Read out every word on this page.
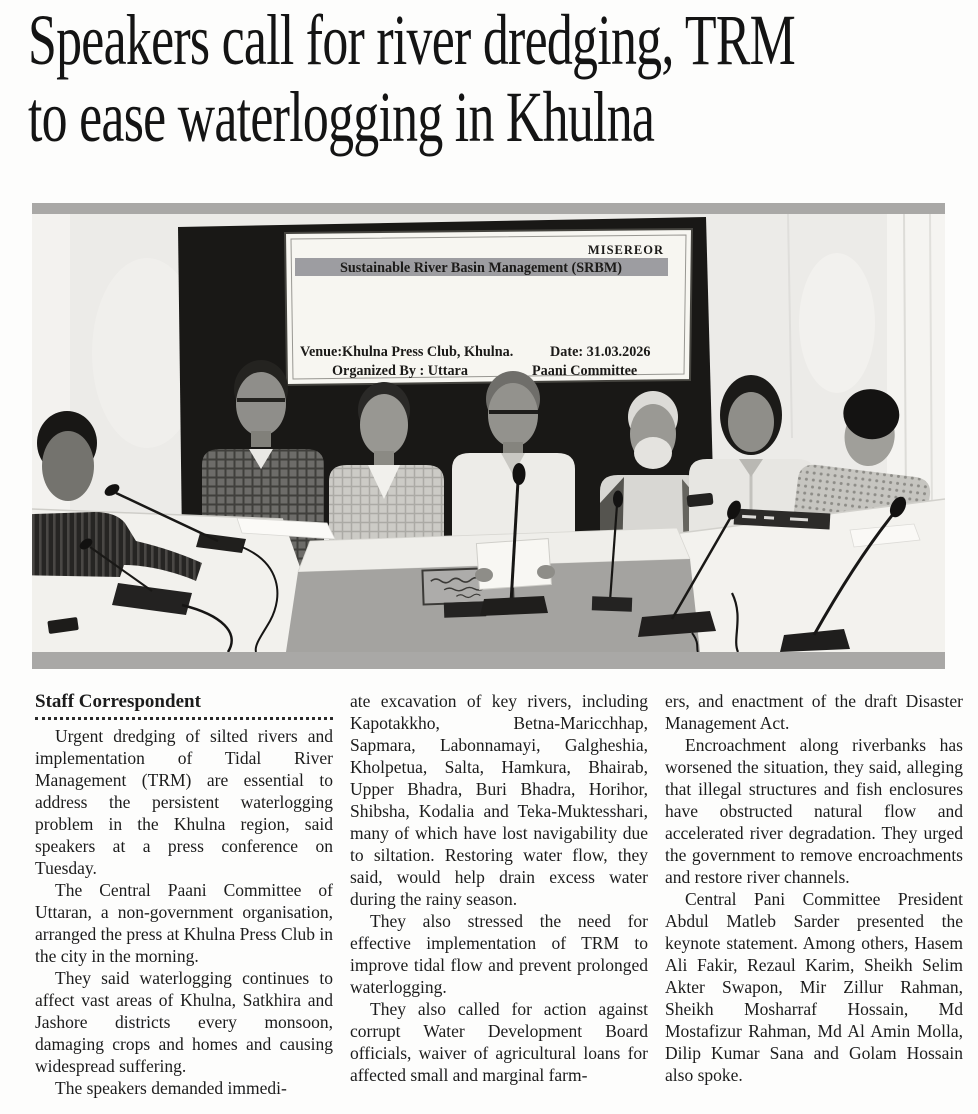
Speakers call for river dredging, TRM
to ease waterlogging in Khulna
MISEREOR
Sustainable River Basin Management (SRBM)
Venue:Khulna Press Club, Khulna.	Date: 31.03.2026
Organized By : Uttara	Paani Committee
Staff Correspondent

Urgent dredging of silted rivers and implementation of Tidal River Management (TRM) are essential to address the persistent waterlogging problem in the Khulna region, said speakers at a press conference on Tuesday.

The Central Paani Committee of Uttaran, a non-government organisation, arranged the press at Khulna Press Club in the city in the morning.

They said waterlogging continues to affect vast areas of Khulna, Satkhira and Jashore districts every monsoon, damaging crops and homes and causing widespread suffering.

The speakers demanded immedi-

ate excavation of key rivers, including Kapotakkho, Betna-Maricchhap, Sapmara, Labonnamayi, Galgheshia, Kholpetua, Salta, Hamkura, Bhairab, Upper Bhadra, Buri Bhadra, Horihor, Shibsha, Kodalia and Teka-Muktesshari, many of which have lost navigability due to siltation. Restoring water flow, they said, would help drain excess water during the rainy season.

They also stressed the need for effective implementation of TRM to improve tidal flow and prevent prolonged waterlogging.

They also called for action against corrupt Water Development Board officials, waiver of agricultural loans for affected small and marginal farm-

ers, and enactment of the draft Disaster Management Act.

Encroachment along riverbanks has worsened the situation, they said, alleging that illegal structures and fish enclosures have obstructed natural flow and accelerated river degradation. They urged the government to remove encroachments and restore river channels.

Central Pani Committee President Abdul Matleb Sarder presented the keynote statement. Among others, Hasem Ali Fakir, Rezaul Karim, Sheikh Selim Akter Swapon, Mir Zillur Rahman, Sheikh Mosharraf Hossain, Md Mostafizur Rahman, Md Al Amin Molla, Dilip Kumar Sana and Golam Hossain also spoke.
